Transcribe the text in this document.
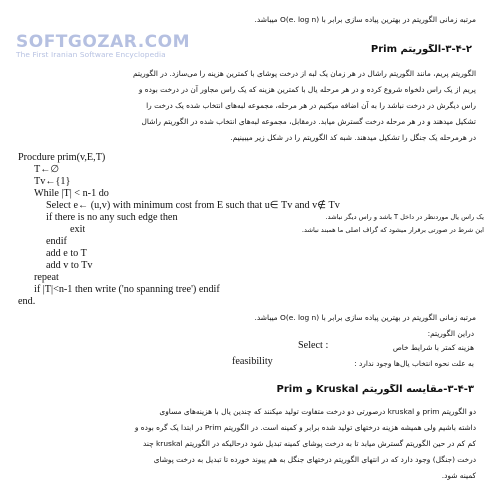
SOFTGOZAR.COM
The First Iranian Software Encyclopedia
مرتبه زمانی الگوریتم در بهترین پیاده سازی برابر با O(e. log n) میباشد.
۳-۴-۲-الگوریتم Prim
الگوریتم پریم، مانند الگوریتم راشال در هر زمان یک لبه از درخت پوشای با کمترین هزینه را می‌سازد. در الگوریتم
پریم از یک راس دلخواه شروع کرده و در هر مرحله یال با کمترین هزینه که یک راس مجاور آن در درخت بوده و
راس دیگرش در درخت نباشد را به آن اضافه میکنیم در هر مرحله، مجموعه لبه‌های انتخاب شده یک درخت را
تشکیل میدهند و در هر مرحله درخت گسترش میابد. درمقابل، مجموعه لبه‌های انتخاب شده در الگوریتم راشال
در هرمرحله یک جنگل را تشکیل میدهند. شبه کد الگوریتم را در شکل زیر میبینیم.
Procdure prim(v,E,T)
T←∅
Tv←{1}
While |T| < n-1 do
Select e← (u,v) with minimum cost from E such that u∈ Tv and v∉ Tv
if there is no any such edge then	یک راس یال موردنظر در داخل T باشد و راس دیگر نباشد.
exit	این شرط در صورتی برقرار میشود که گراف اصلی ما همبند نباشد.
endif
add e to T
add v to Tv
repeat
if |T|<n-1 then write ('no spanning tree') endif
end.
مرتبه زمانی الگوریتم در بهترین پیاده سازی برابر با O(e. log n) میباشد.
دراین الگوریتم:
هزینه کمتر با شرایط خاص
Select :
به علت نحوه انتخاب یال‌ها وجود ندارد :
feasibility
۳-۴-۳-مقایسه الگوریتم Kruskal و Prim
دو الگوریتم prim و kruskal درصورتی دو درخت متفاوت تولید میکنند که چندین یال با هزینه‌های مساوی
داشته باشیم ولی همیشه هزینه درختهای تولید شده برابر و کمینه است. در الگوریتم Prim در ابتدا یک گره بوده و
کم کم در حین الگوریتم گسترش میابد تا به درخت پوشای کمینه تبدیل شود درحالیکه در الگوریتم kruskal چند
درخت (جنگل) وجود دارد که در انتهای الگوریتم درختهای جنگل به هم پیوند خورده تا تبدیل به درخت پوشای
کمینه شود.
